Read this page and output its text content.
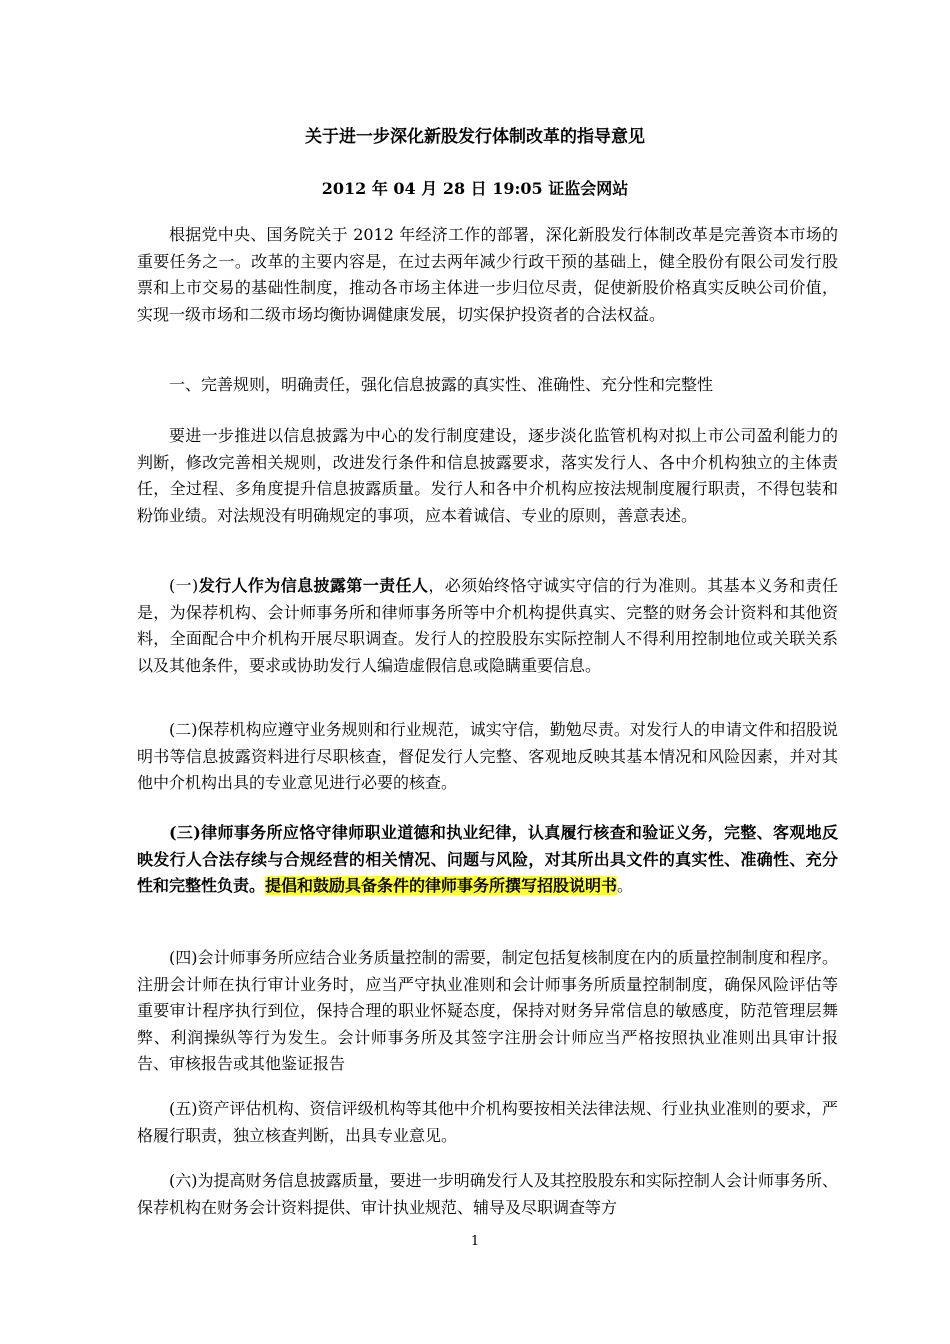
关于进一步深化新股发行体制改革的指导意见
2012 年 04 月 28 日 19:05 证监会网站

根据党中央、国务院关于 2012 年经济工作的部署，深化新股发行体制改革是完善资本市场的重要任务之一。改革的主要内容是，在过去两年减少行政干预的基础上，健全股份有限公司发行股票和上市交易的基础性制度，推动各市场主体进一步归位尽责，促使新股价格真实反映公司价值，实现一级市场和二级市场均衡协调健康发展，切实保护投资者的合法权益。

一、完善规则，明确责任，强化信息披露的真实性、准确性、充分性和完整性

要进一步推进以信息披露为中心的发行制度建设，逐步淡化监管机构对拟上市公司盈利能力的判断，修改完善相关规则，改进发行条件和信息披露要求，落实发行人、各中介机构独立的主体责任，全过程、多角度提升信息披露质量。发行人和各中介机构应按法规制度履行职责，不得包装和粉饰业绩。对法规没有明确规定的事项，应本着诚信、专业的原则，善意表述。

(一)发行人作为信息披露第一责任人，必须始终恪守诚实守信的行为准则。其基本义务和责任是，为保荐机构、会计师事务所和律师事务所等中介机构提供真实、完整的财务会计资料和其他资料，全面配合中介机构开展尽职调查。发行人的控股股东实际控制人不得利用控制地位或关联关系以及其他条件，要求或协助发行人编造虚假信息或隐瞒重要信息。

(二)保荐机构应遵守业务规则和行业规范，诚实守信，勤勉尽责。对发行人的申请文件和招股说明书等信息披露资料进行尽职核查，督促发行人完整、客观地反映其基本情况和风险因素，并对其他中介机构出具的专业意见进行必要的核查。

(三)律师事务所应恪守律师职业道德和执业纪律，认真履行核查和验证义务，完整、客观地反映发行人合法存续与合规经营的相关情况、问题与风险，对其所出具文件的真实性、准确性、充分性和完整性负责。提倡和鼓励具备条件的律师事务所撰写招股说明书。

(四)会计师事务所应结合业务质量控制的需要，制定包括复核制度在内的质量控制制度和程序。注册会计师在执行审计业务时，应当严守执业准则和会计师事务所质量控制制度，确保风险评估等重要审计程序执行到位，保持合理的职业怀疑态度，保持对财务异常信息的敏感度，防范管理层舞弊、利润操纵等行为发生。会计师事务所及其签字注册会计师应当严格按照执业准则出具审计报告、审核报告或其他鉴证报告

(五)资产评估机构、资信评级机构等其他中介机构要按相关法律法规、行业执业准则的要求，严格履行职责，独立核查判断，出具专业意见。

(六)为提高财务信息披露质量，要进一步明确发行人及其控股股东和实际控制人会计师事务所、保荐机构在财务会计资料提供、审计执业规范、辅导及尽职调查等方

1
